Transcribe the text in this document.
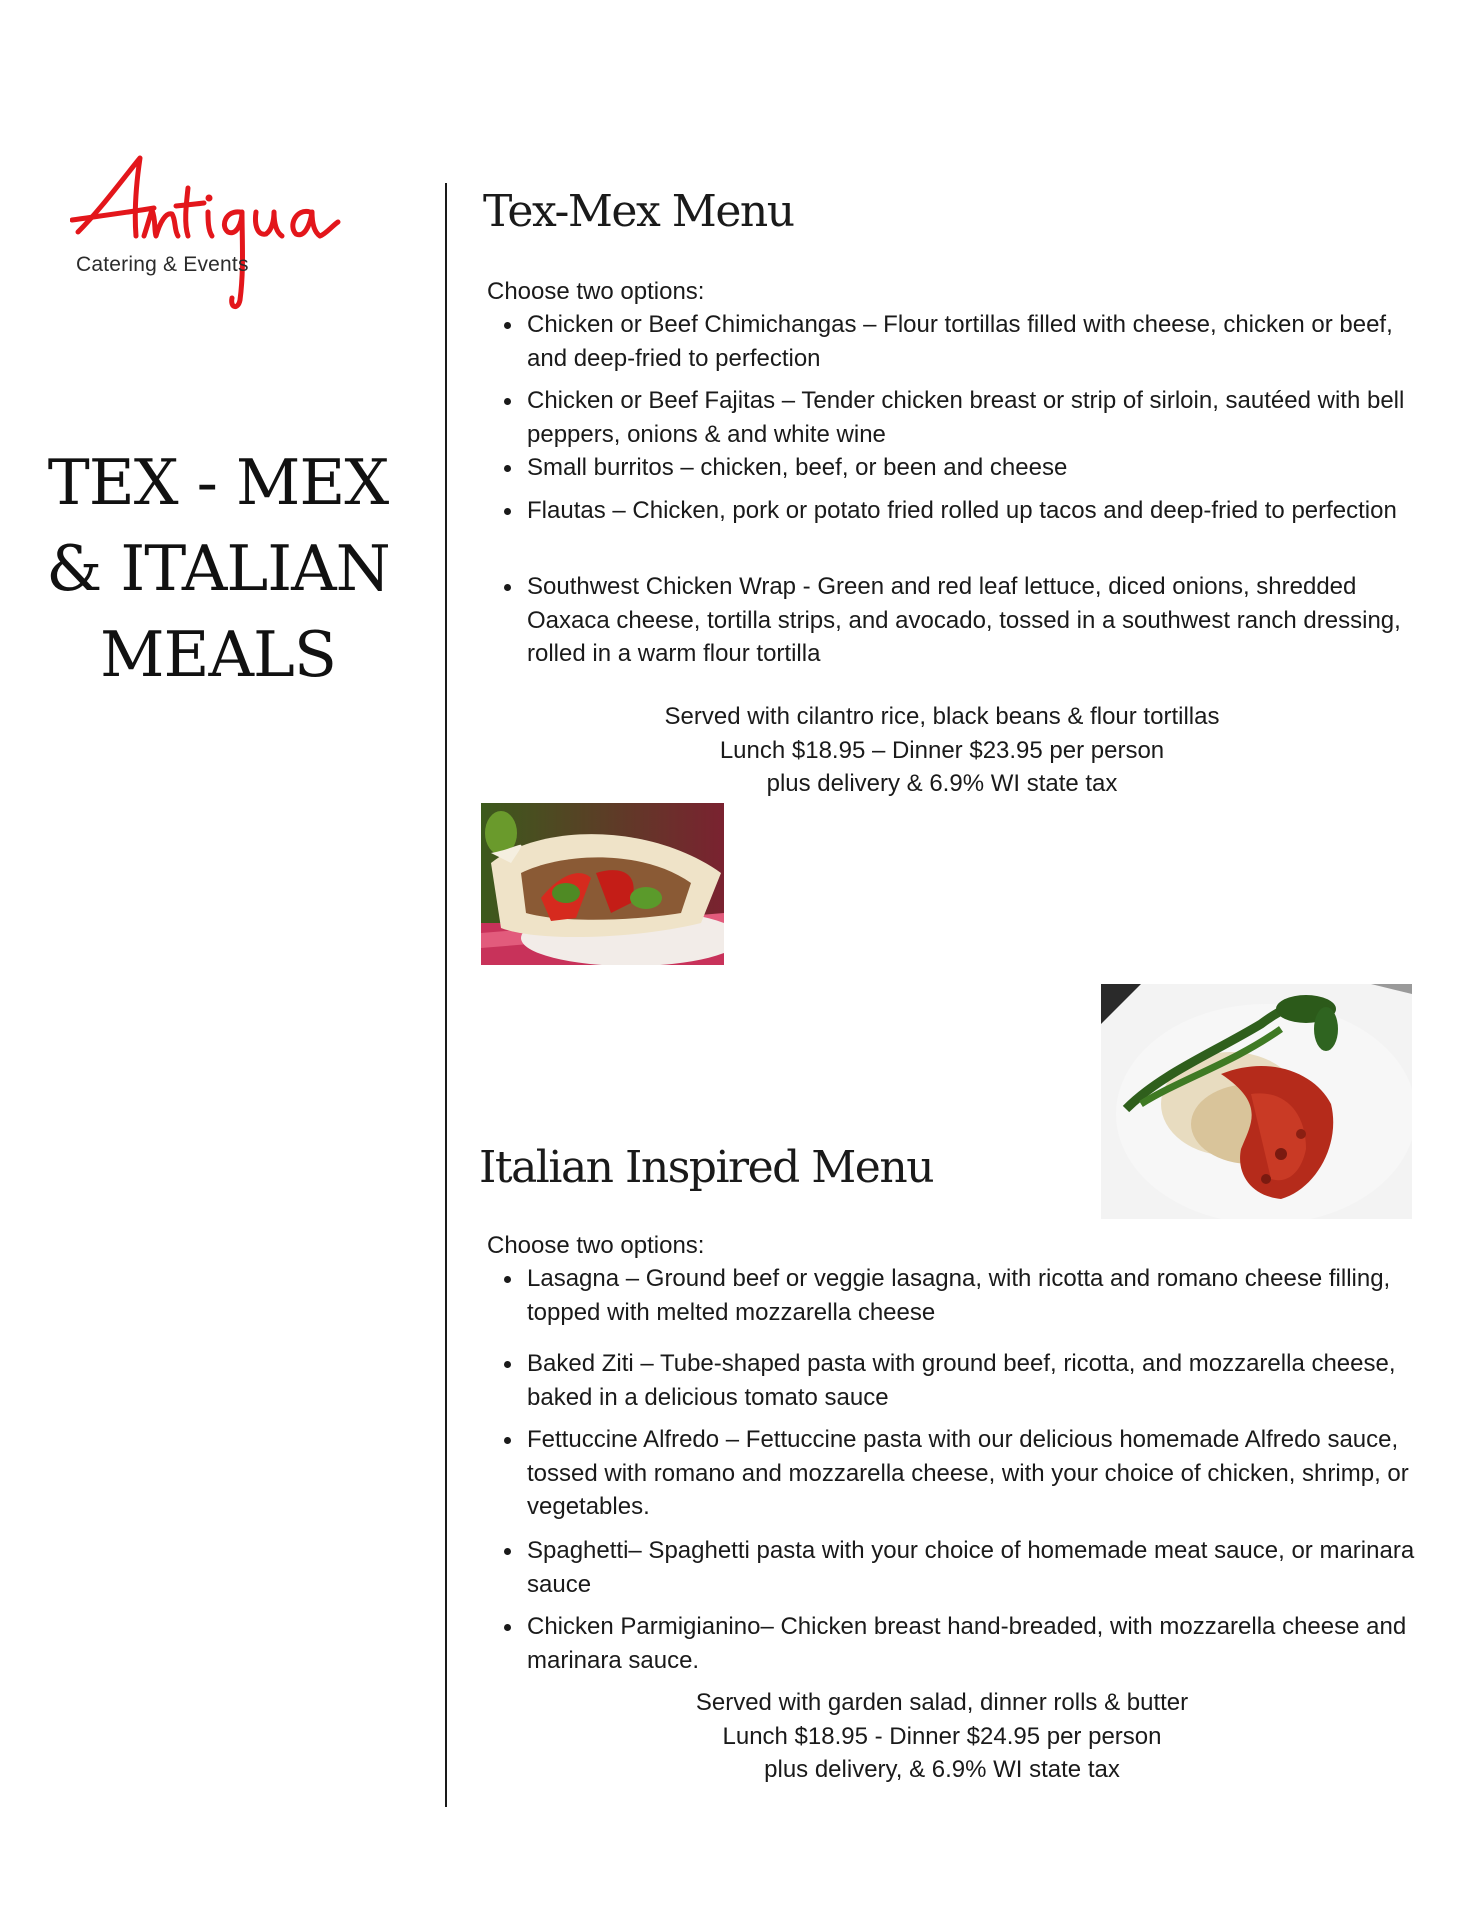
Catering & Events
TEX - MEX
& ITALIAN
MEALS
Tex-Mex Menu
Choose two options:
Chicken or Beef Chimichangas – Flour tortillas filled with cheese, chicken or beef, and deep-fried to perfection
Chicken or Beef Fajitas – Tender chicken breast or strip of sirloin, sautéed with bell peppers, onions & and white wine
Small burritos – chicken, beef, or been and cheese
Flautas – Chicken, pork or potato fried rolled up tacos and deep-fried to perfection
Southwest Chicken Wrap - Green and red leaf lettuce, diced onions, shredded Oaxaca cheese, tortilla strips, and avocado, tossed in a southwest ranch dressing, rolled in a warm flour tortilla
Served with cilantro rice, black beans & flour tortillas
Lunch $18.95 – Dinner $23.95 per person
plus delivery & 6.9% WI state tax
Italian Inspired Menu
Choose two options:
Lasagna – Ground beef or veggie lasagna, with ricotta and romano cheese filling, topped with melted mozzarella cheese
Baked Ziti – Tube-shaped pasta with ground beef, ricotta, and mozzarella cheese, baked in a delicious tomato sauce
Fettuccine Alfredo – Fettuccine pasta with our delicious homemade Alfredo sauce, tossed with romano and mozzarella cheese, with your choice of chicken, shrimp, or vegetables.
Spaghetti– Spaghetti pasta with your choice of homemade meat sauce, or marinara sauce
Chicken Parmigianino– Chicken breast hand-breaded, with mozzarella cheese and marinara sauce.
Served with garden salad, dinner rolls & butter
Lunch $18.95 - Dinner $24.95 per person
plus delivery, & 6.9% WI state tax
